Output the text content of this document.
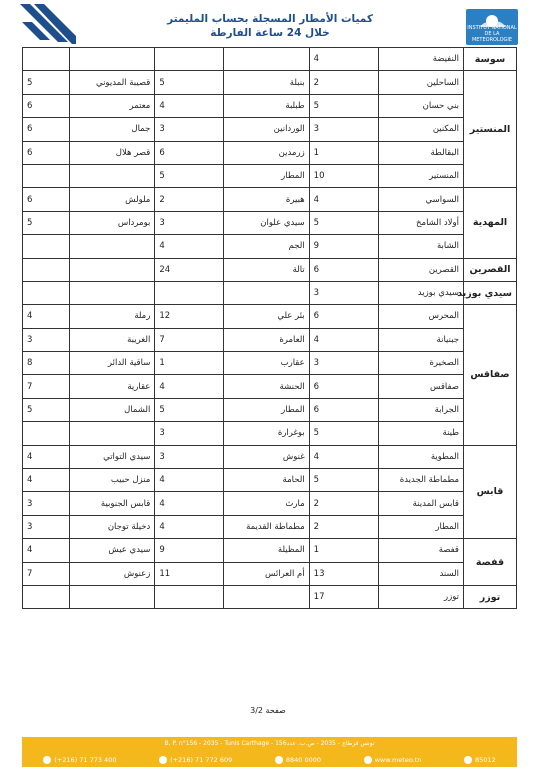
كميات الأمطار المسجلة بحساب المليمتر
خلال 24 ساعة الفارطة	INSTITUT NATIONAL DE LA METEOROLOGIE
سوسة	النفيضة	4				
المنستير	الساحلين	2	بنبلة	5	قصيبة المديوني	5
	بني حسان	5	طبلبة	4	معتمر	6
	المكنين	3	الوردانين	3	جمال	6
	البقالطة	1	زرمدين	6	قصر هلال	6
	المنستير	10	المطار	5		
المهدية	السواسي	4	هبيرة	2	ملولش	6
	أولاد الشامخ	5	سيدي علوان	3	بومرداس	5
	الشابة	9	الجم	4		
القصرين	القصرين	6	تالة	24		
سيدي بوزيد	سيدي بوزيد	3				
صفاقس	المحرس	6	بئر علي	12	رملة	4
	جبنيانة	4	العامرة	7	الغريبة	3
	الصخيرة	3	عقارب	1	ساقية الدائر	8
	صفاقس	6	الحنشة	4	عقارية	7
	الجرابة	6	المطار	5	الشمال	5
	طينة	5	بوغرارة	3		
قابس	المطوية	4	غنوش	3	سيدي التواتي	4
	مطماطة الجديدة	5	الحامة	4	منزل حبيب	4
	قابس المدينة	2	مارث	4	قابس الجنوبية	3
	المطار	2	مطماطة القديمة	4	دخيلة توجان	3
قفصة	قفصة	1	المظيلة	9	سيدي عيش	4
	السند	13	أم العرائس	11	زعنوش	7
توزر	توزر	17				
صفحة 3/2
B. P. n°156 - 2035 - Tunis Carthage - تونس قرطاج - 2035 - ص.ب. عدد156
(+216) 71 773 400	(+216) 71 772 609	8840 0000	www.meteo.tn	85012
